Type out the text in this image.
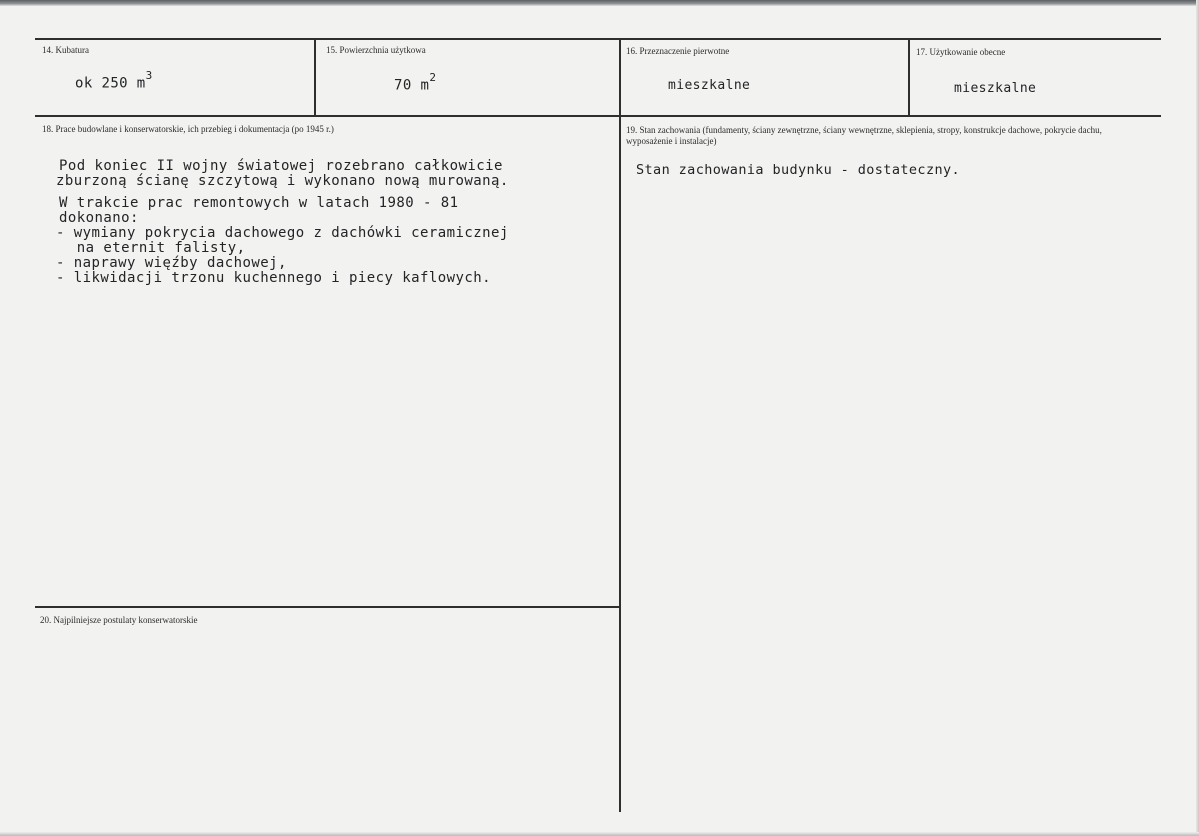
14. Kubatura
ok 250 $m^3$
15. Powierzchnia użytkowa
70 $m^2$
16. Przeznaczenie pierwotne
mieszkalne
17. Użytkowanie obecne
mieszkalne
18. Prace budowlane i konserwatorskie, ich przebieg i dokumentacja (po 1945 r.)
Pod koniec II wojny światowej rozebrano całkowicie
zburzoną ścianę szczytową i wykonano nową murowaną.
W trakcie prac remontowych w latach 1980 - 81
dokonano:
- wymiany pokrycia dachowego z dachówki ceramicznej
na eternit falisty,
- naprawy więźby dachowej,
- likwidacji trzonu kuchennego i piecy kaflowych.
19. Stan zachowania (fundamenty, ściany zewnętrzne, ściany wewnętrzne, sklepienia, stropy, konstrukcje dachowe, pokrycie dachu, wyposażenie i instalacje)
Stan zachowania budynku - dostateczny.
20. Najpilniejsze postulaty konserwatorskie
